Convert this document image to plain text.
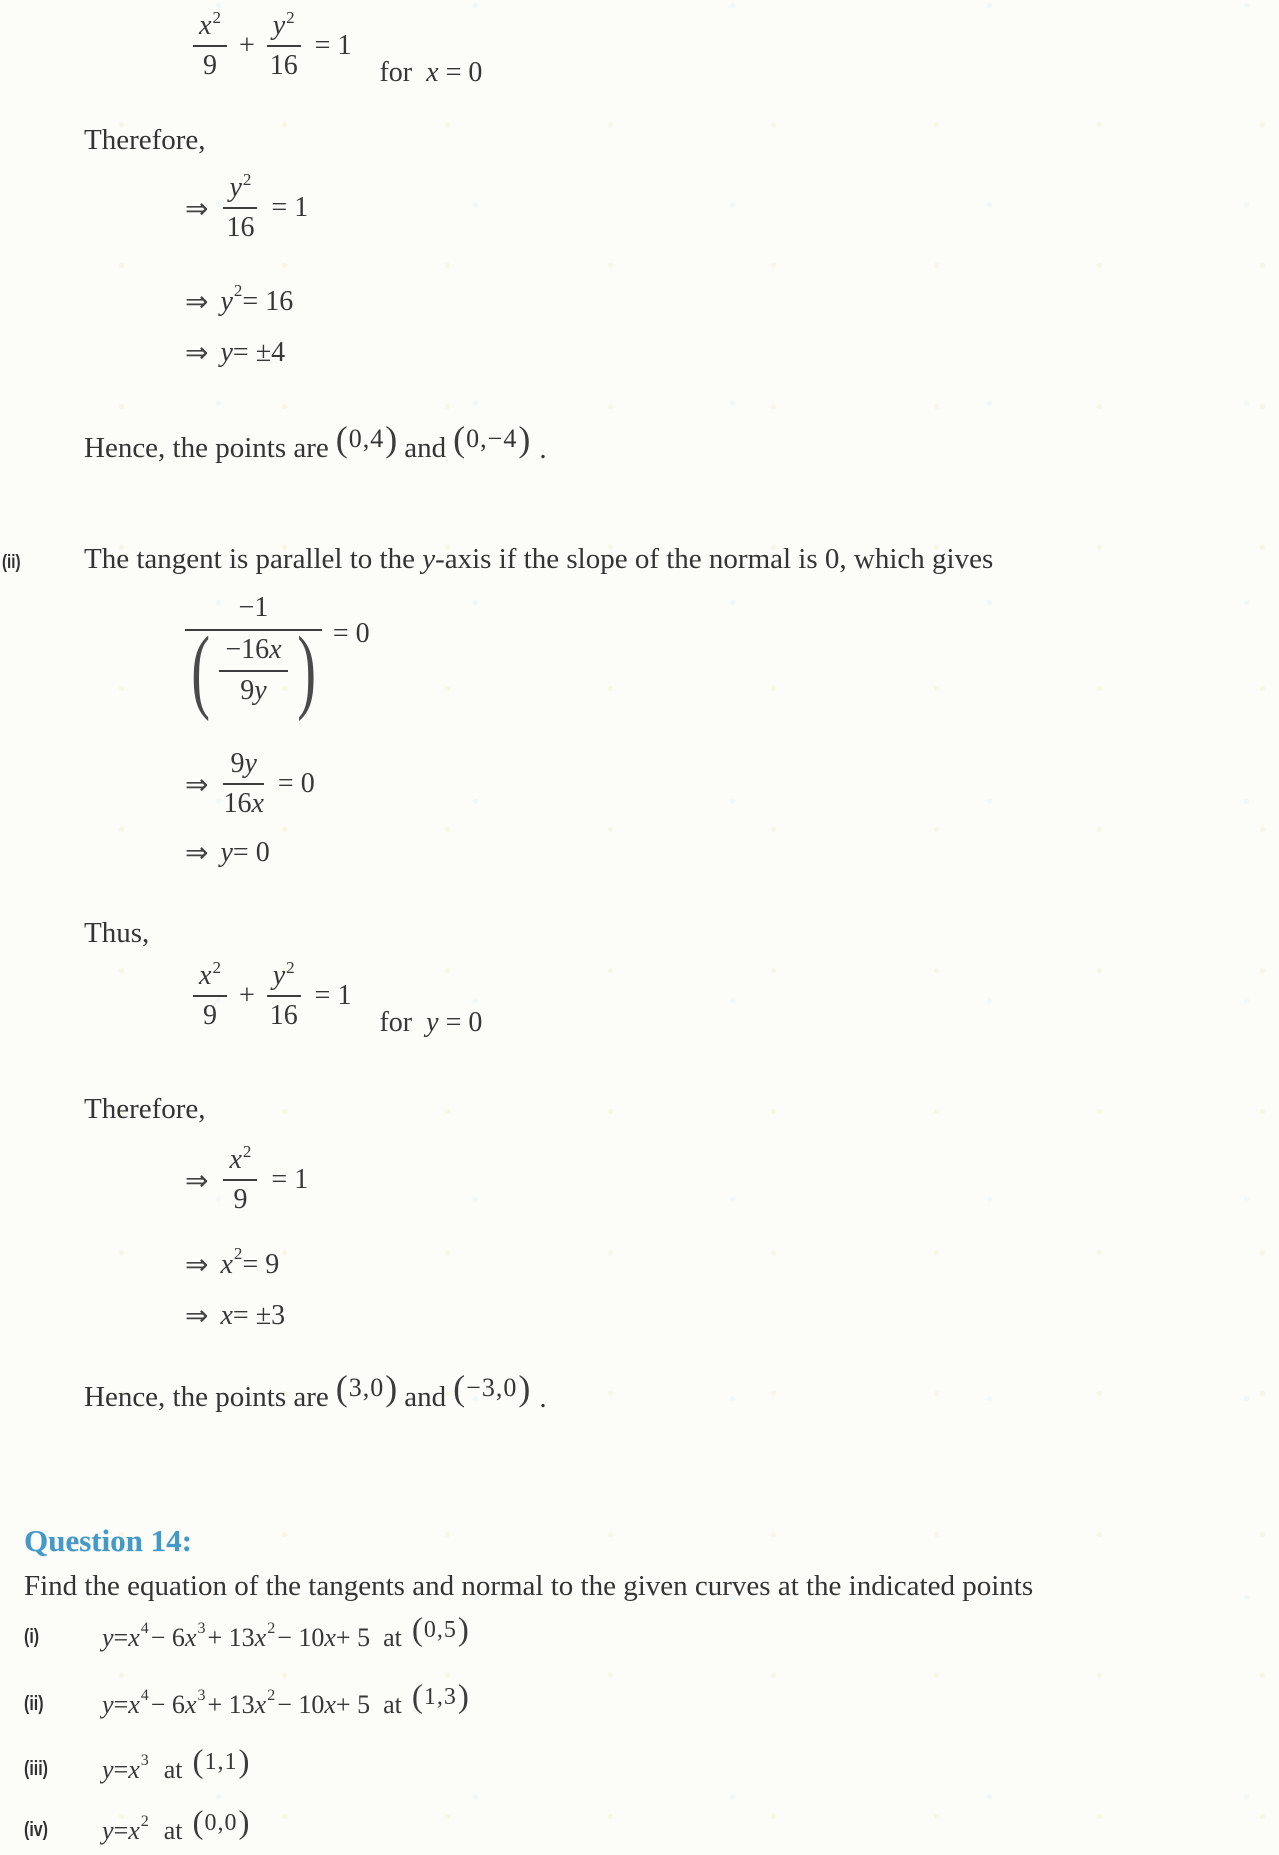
$\frac{x2}{9} + \frac{y2}{16} = 1$
for x = 0
Therefore,
⇒ $\frac{y2}{16} = 1$
⇒ y 2 = 16
⇒ y = ±4
Hence, the points are ( 0,4 ) and ( 0,−4 ) .
(ii) The tangent is parallel to the y-axis if the slope of the normal is 0, which gives
$\frac{-1}{( \frac{-16x}{9y} )} = 0$
⇒ $\frac{9y}{16x} = 0$
⇒ y = 0
Thus,
$\frac{x2}{9} + \frac{y2}{16} = 1$
for y = 0
Therefore,
⇒ $\frac{x2}{9} = 1$
⇒ x 2 = 9
⇒ x = ±3
Hence, the points are ( 3,0 ) and ( −3,0 ) .
Question 14:
Find the equation of the tangents and normal to the given curves at the indicated points
(i)	y = x 4 − 6 x 3 + 13 x 2 − 10 x + 5 at ( 0,5 )
(ii)	y = x 4 − 6 x 3 + 13 x 2 − 10 x + 5 at ( 1,3 )
(iii)	y = x 3 at ( 1,1 )
(iv)	y = x 2 at ( 0,0 )
